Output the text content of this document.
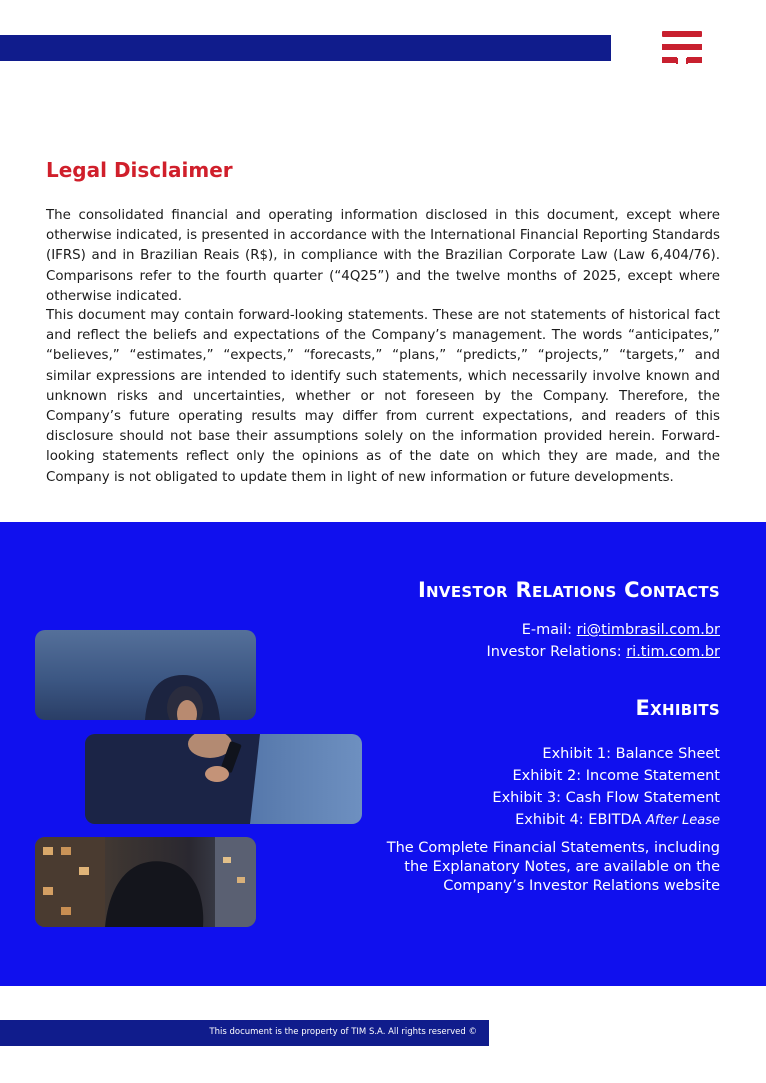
Legal Disclaimer

The consolidated financial and operating information disclosed in this document, except where otherwise indicated, is presented in accordance with the International Financial Reporting Standards (IFRS) and in Brazilian Reais (R$), in compliance with the Brazilian Corporate Law (Law 6,404/76). Comparisons refer to the fourth quarter (“4Q25”) and the twelve months of 2025, except where otherwise indicated.

This document may contain forward-looking statements. These are not statements of historical fact and reflect the beliefs and expectations of the Company’s management. The words “anticipates,” “believes,” “estimates,” “expects,” “forecasts,” “plans,” “predicts,” “projects,” “targets,” and similar expressions are intended to identify such statements, which necessarily involve known and unknown risks and uncertainties, whether or not foreseen by the Company. Therefore, the Company’s future operating results may differ from current expectations, and readers of this disclosure should not base their assumptions solely on the information provided herein. Forward-looking statements reflect only the opinions as of the date on which they are made, and the Company is not obligated to update them in light of new information or future developments.

Investor Relations Contacts
E-mail: ri@timbrasil.com.br
Investor Relations: ri.tim.com.br
Exhibits
Exhibit 1: Balance Sheet
Exhibit 2: Income Statement
Exhibit 3: Cash Flow Statement
Exhibit 4: EBITDA After Lease

The Complete Financial Statements, including the Explanatory Notes, are available on the Company’s Investor Relations website

This document is the property of TIM S.A. All rights reserved ©
